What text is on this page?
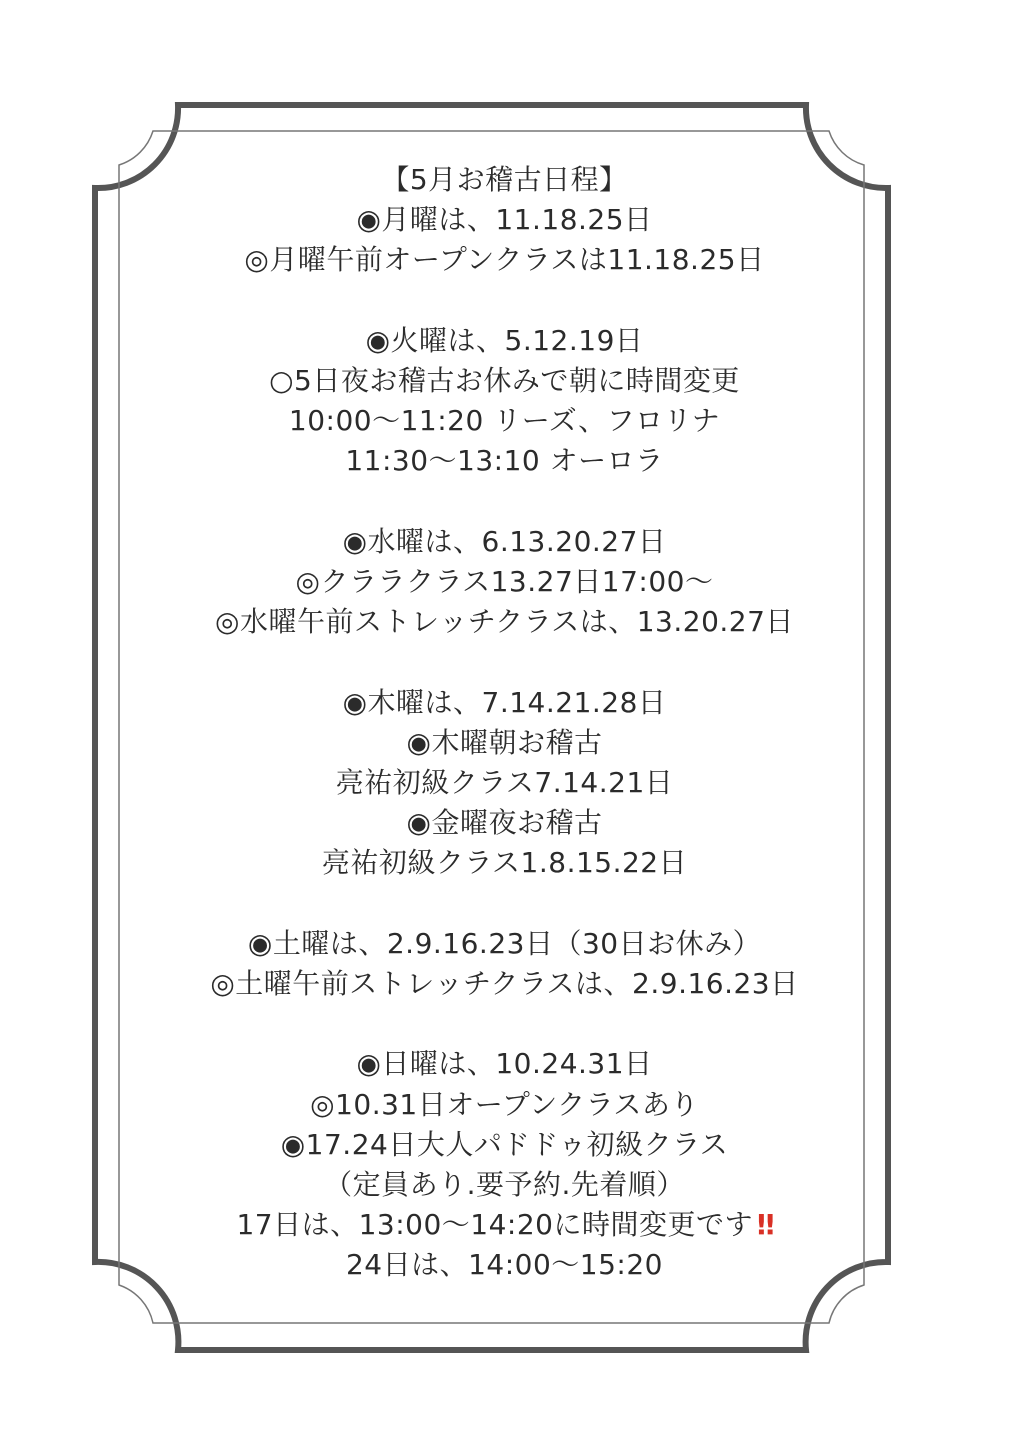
【5月お稽古日程】
◉月曜は、11.18.25日
◎月曜午前オープンクラスは11.18.25日
◉火曜は、5.12.19日
○5日夜お稽古お休みで朝に時間変更
10:00〜11:20 リーズ、フロリナ
11:30〜13:10 オーロラ
◉水曜は、6.13.20.27日
◎クララクラス13.27日17:00〜
◎水曜午前ストレッチクラスは、13.20.27日
◉木曜は、7.14.21.28日
◉木曜朝お稽古
亮祐初級クラス7.14.21日
◉金曜夜お稽古
亮祐初級クラス1.8.15.22日
◉土曜は、2.9.16.23日（30日お休み）
◎土曜午前ストレッチクラスは、2.9.16.23日
◉日曜は、10.24.31日
◎10.31日オープンクラスあり
◉17.24日大人パドドゥ初級クラス
（定員あり.要予約.先着順）
17日は、13:00〜14:20に時間変更です!!
24日は、14:00〜15:20
